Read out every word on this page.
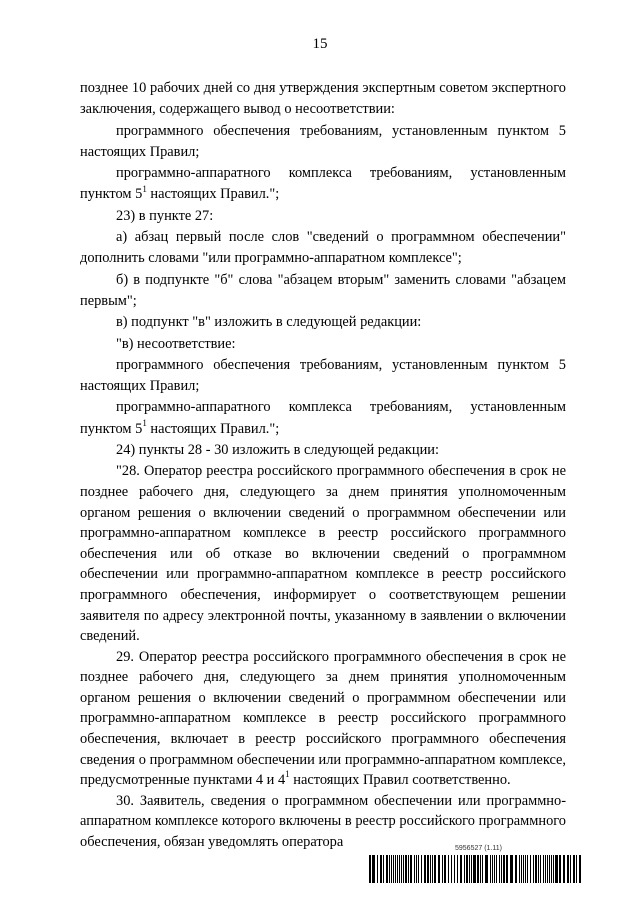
15

позднее 10 рабочих дней со дня утверждения экспертным советом экспертного заключения, содержащего вывод о несоответствии:

программного обеспечения требованиям, установленным пунктом 5 настоящих Правил;

программно-аппаратного комплекса требованиям, установленным пунктом $5^1$ настоящих Правил.";

23) в пункте 27:

а) абзац первый после слов "сведений о программном обеспечении" дополнить словами "или программно-аппаратном комплексе";

б) в подпункте "б" слова "абзацем вторым" заменить словами "абзацем первым";

в) подпункт "в" изложить в следующей редакции:

"в) несоответствие:

программного обеспечения требованиям, установленным пунктом 5 настоящих Правил;

программно-аппаратного комплекса требованиям, установленным пунктом $5^1$ настоящих Правил.";

24) пункты 28 - 30 изложить в следующей редакции:

"28. Оператор реестра российского программного обеспечения в срок не позднее рабочего дня, следующего за днем принятия уполномоченным органом решения о включении сведений о программном обеспечении или программно-аппаратном комплексе в реестр российского программного обеспечения или об отказе во включении сведений о программном обеспечении или программно-аппаратном комплексе в реестр российского программного обеспечения, информирует о соответствующем решении заявителя по адресу электронной почты, указанному в заявлении о включении сведений.

29. Оператор реестра российского программного обеспечения в срок не позднее рабочего дня, следующего за днем принятия уполномоченным органом решения о включении сведений о программном обеспечении или программно-аппаратном комплексе в реестр российского программного обеспечения, включает в реестр российского программного обеспечения сведения о программном обеспечении или программно-аппаратном комплексе, предусмотренные пунктами 4 и $4^1$ настоящих Правил соответственно.

30. Заявитель, сведения о программном обеспечении или программно-аппаратном комплексе которого включены в реестр российского программного обеспечения, обязан уведомлять оператора	5956527 (1.11)
